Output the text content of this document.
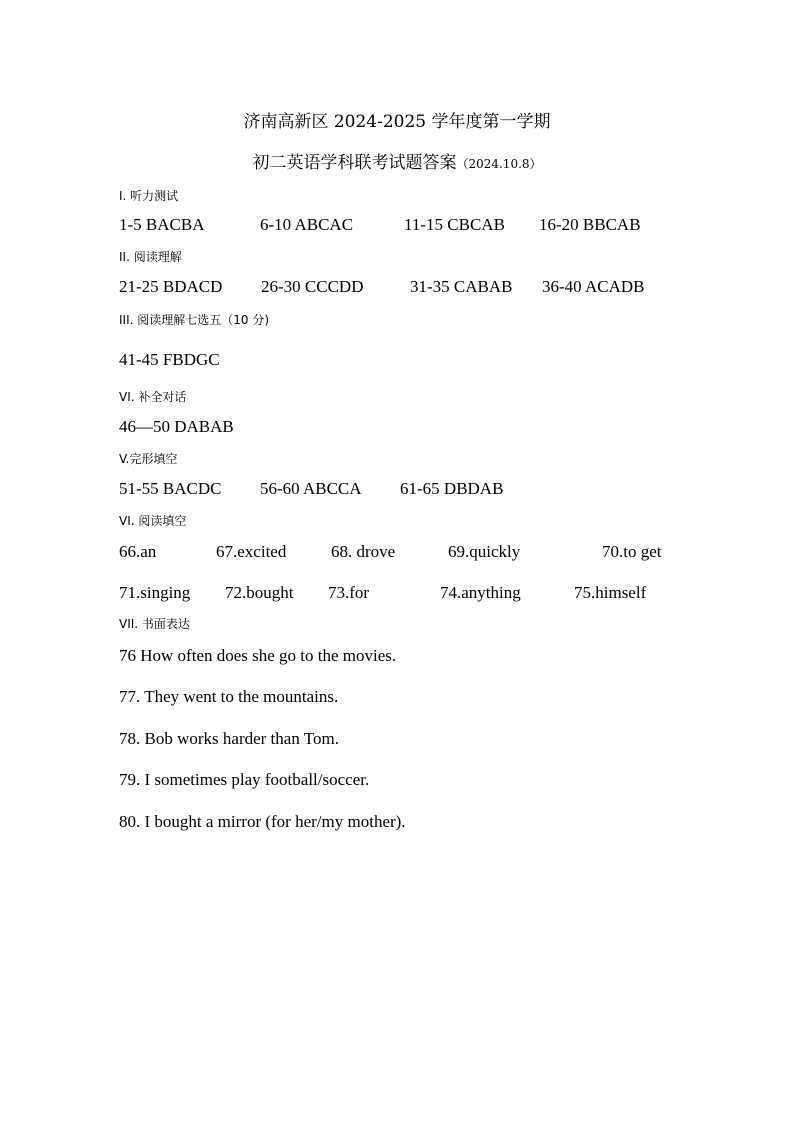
济南高新区 2024-2025 学年度第一学期
初二英语学科联考试题答案（2024.10.8）
I. 听力测试
1-5 BACBA	6-10 ABCAC	11-15 CBCAB 16-20 BBCAB
II. 阅读理解
21-25 BDACD 26-30 CCCDD	31-35 CABAB 36-40 ACADB
III. 阅读理解七选五（10 分)
41-45 FBDGC
VI. 补全对话
46—50 DABAB
V.完形填空
51-55 BACDC 56-60 ABCCA 61-65 DBDAB
VI. 阅读填空
66.an	67.excited	68. drove	69.quickly	70.to get
71.singing 72.bought 73.for	74.anything	75.himself
VII. 书面表达
76 How often does she go to the movies.
77. They went to the mountains.
78. Bob works harder than Tom.
79. I sometimes play football/soccer.
80. I bought a mirror (for her/my mother).
